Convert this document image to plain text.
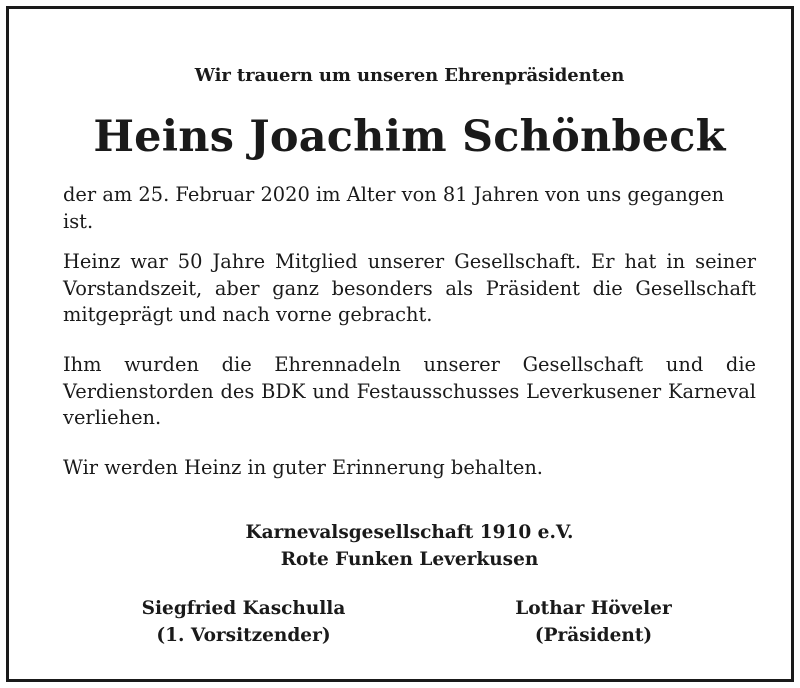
Wir trauern um unseren Ehrenpräsidenten
Heins Joachim Schönbeck

der am 25. Februar 2020 im Alter von 81 Jahren von uns gegangen ist.

Heinz war 50 Jahre Mitglied unserer Gesellschaft. Er hat in seiner Vorstandszeit, aber ganz besonders als Präsident die Gesellschaft mitgeprägt und nach vorne gebracht.

Ihm wurden die Ehrennadeln unserer Gesellschaft und die Verdienstorden des BDK und Festausschusses Leverkusener Karneval verliehen.

Wir werden Heinz in guter Erinnerung behalten.

Karnevalsgesellschaft 1910 e.V.
Rote Funken Leverkusen
Siegfried Kaschulla
(1. Vorsitzender)
Lothar Höveler
(Präsident)
